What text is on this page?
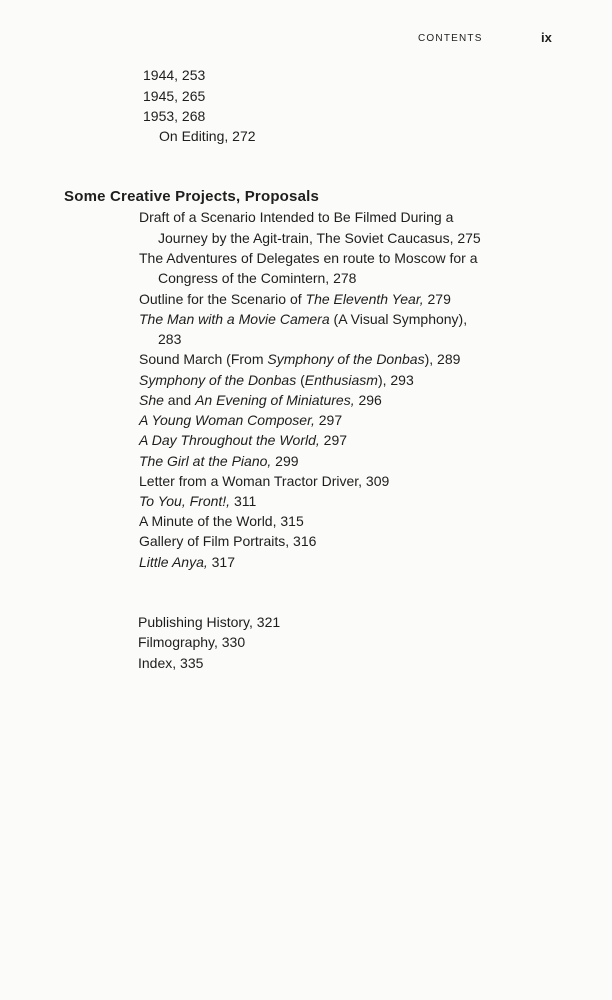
CONTENTS	ix
1944, 253
1945, 265
1953, 268
On Editing, 272
Some Creative Projects, Proposals
Draft of a Scenario Intended to Be Filmed During a
Journey by the Agit-train, The Soviet Caucasus, 275
The Adventures of Delegates en route to Moscow for a
Congress of the Comintern, 278
Outline for the Scenario of The Eleventh Year, 279
The Man with a Movie Camera (A Visual Symphony),
283
Sound March (From Symphony of the Donbas), 289
Symphony of the Donbas (Enthusiasm), 293
She and An Evening of Miniatures, 296
A Young Woman Composer, 297
A Day Throughout the World, 297
The Girl at the Piano, 299
Letter from a Woman Tractor Driver, 309
To You, Front!, 311
A Minute of the World, 315
Gallery of Film Portraits, 316
Little Anya, 317
Publishing History, 321
Filmography, 330
Index, 335
